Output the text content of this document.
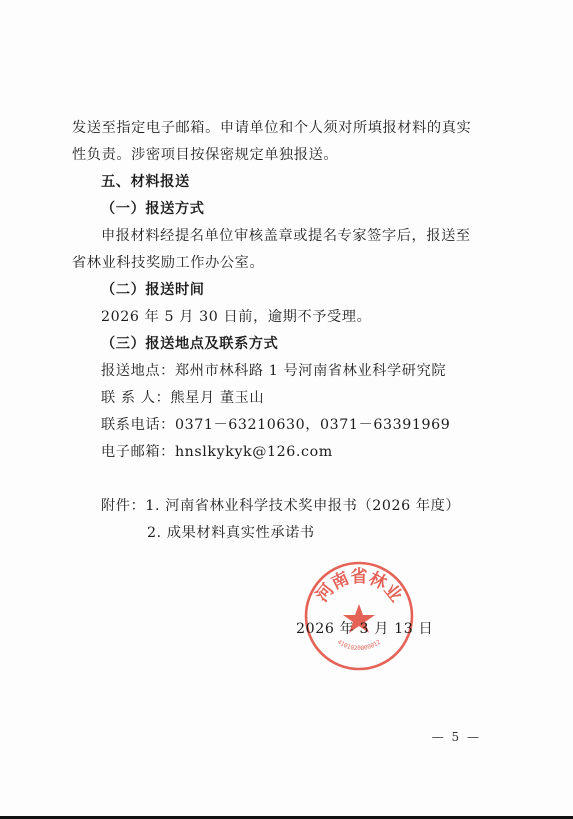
发送至指定电子邮箱。申请单位和个人须对所填报材料的真实
性负责。涉密项目按保密规定单独报送。
五、材料报送
（一）报送方式
申报材料经提名单位审核盖章或提名专家签字后，报送至
省林业科技奖励工作办公室。
（二）报送时间
2026 年 5 月 30 日前，逾期不予受理。
（三）报送地点及联系方式
报送地点：郑州市林科路 1 号河南省林业科学研究院
联 系 人：熊星月 董玉山
联系电话：0371－63210630，0371－63391969
电子邮箱：hnslkykyk@126.com
附件：1. 河南省林业科学技术奖申报书（2026 年度）
2. 成果材料真实性承诺书
河南省林业
4101020000012
2026 年 3 月 13 日
— 5 —
